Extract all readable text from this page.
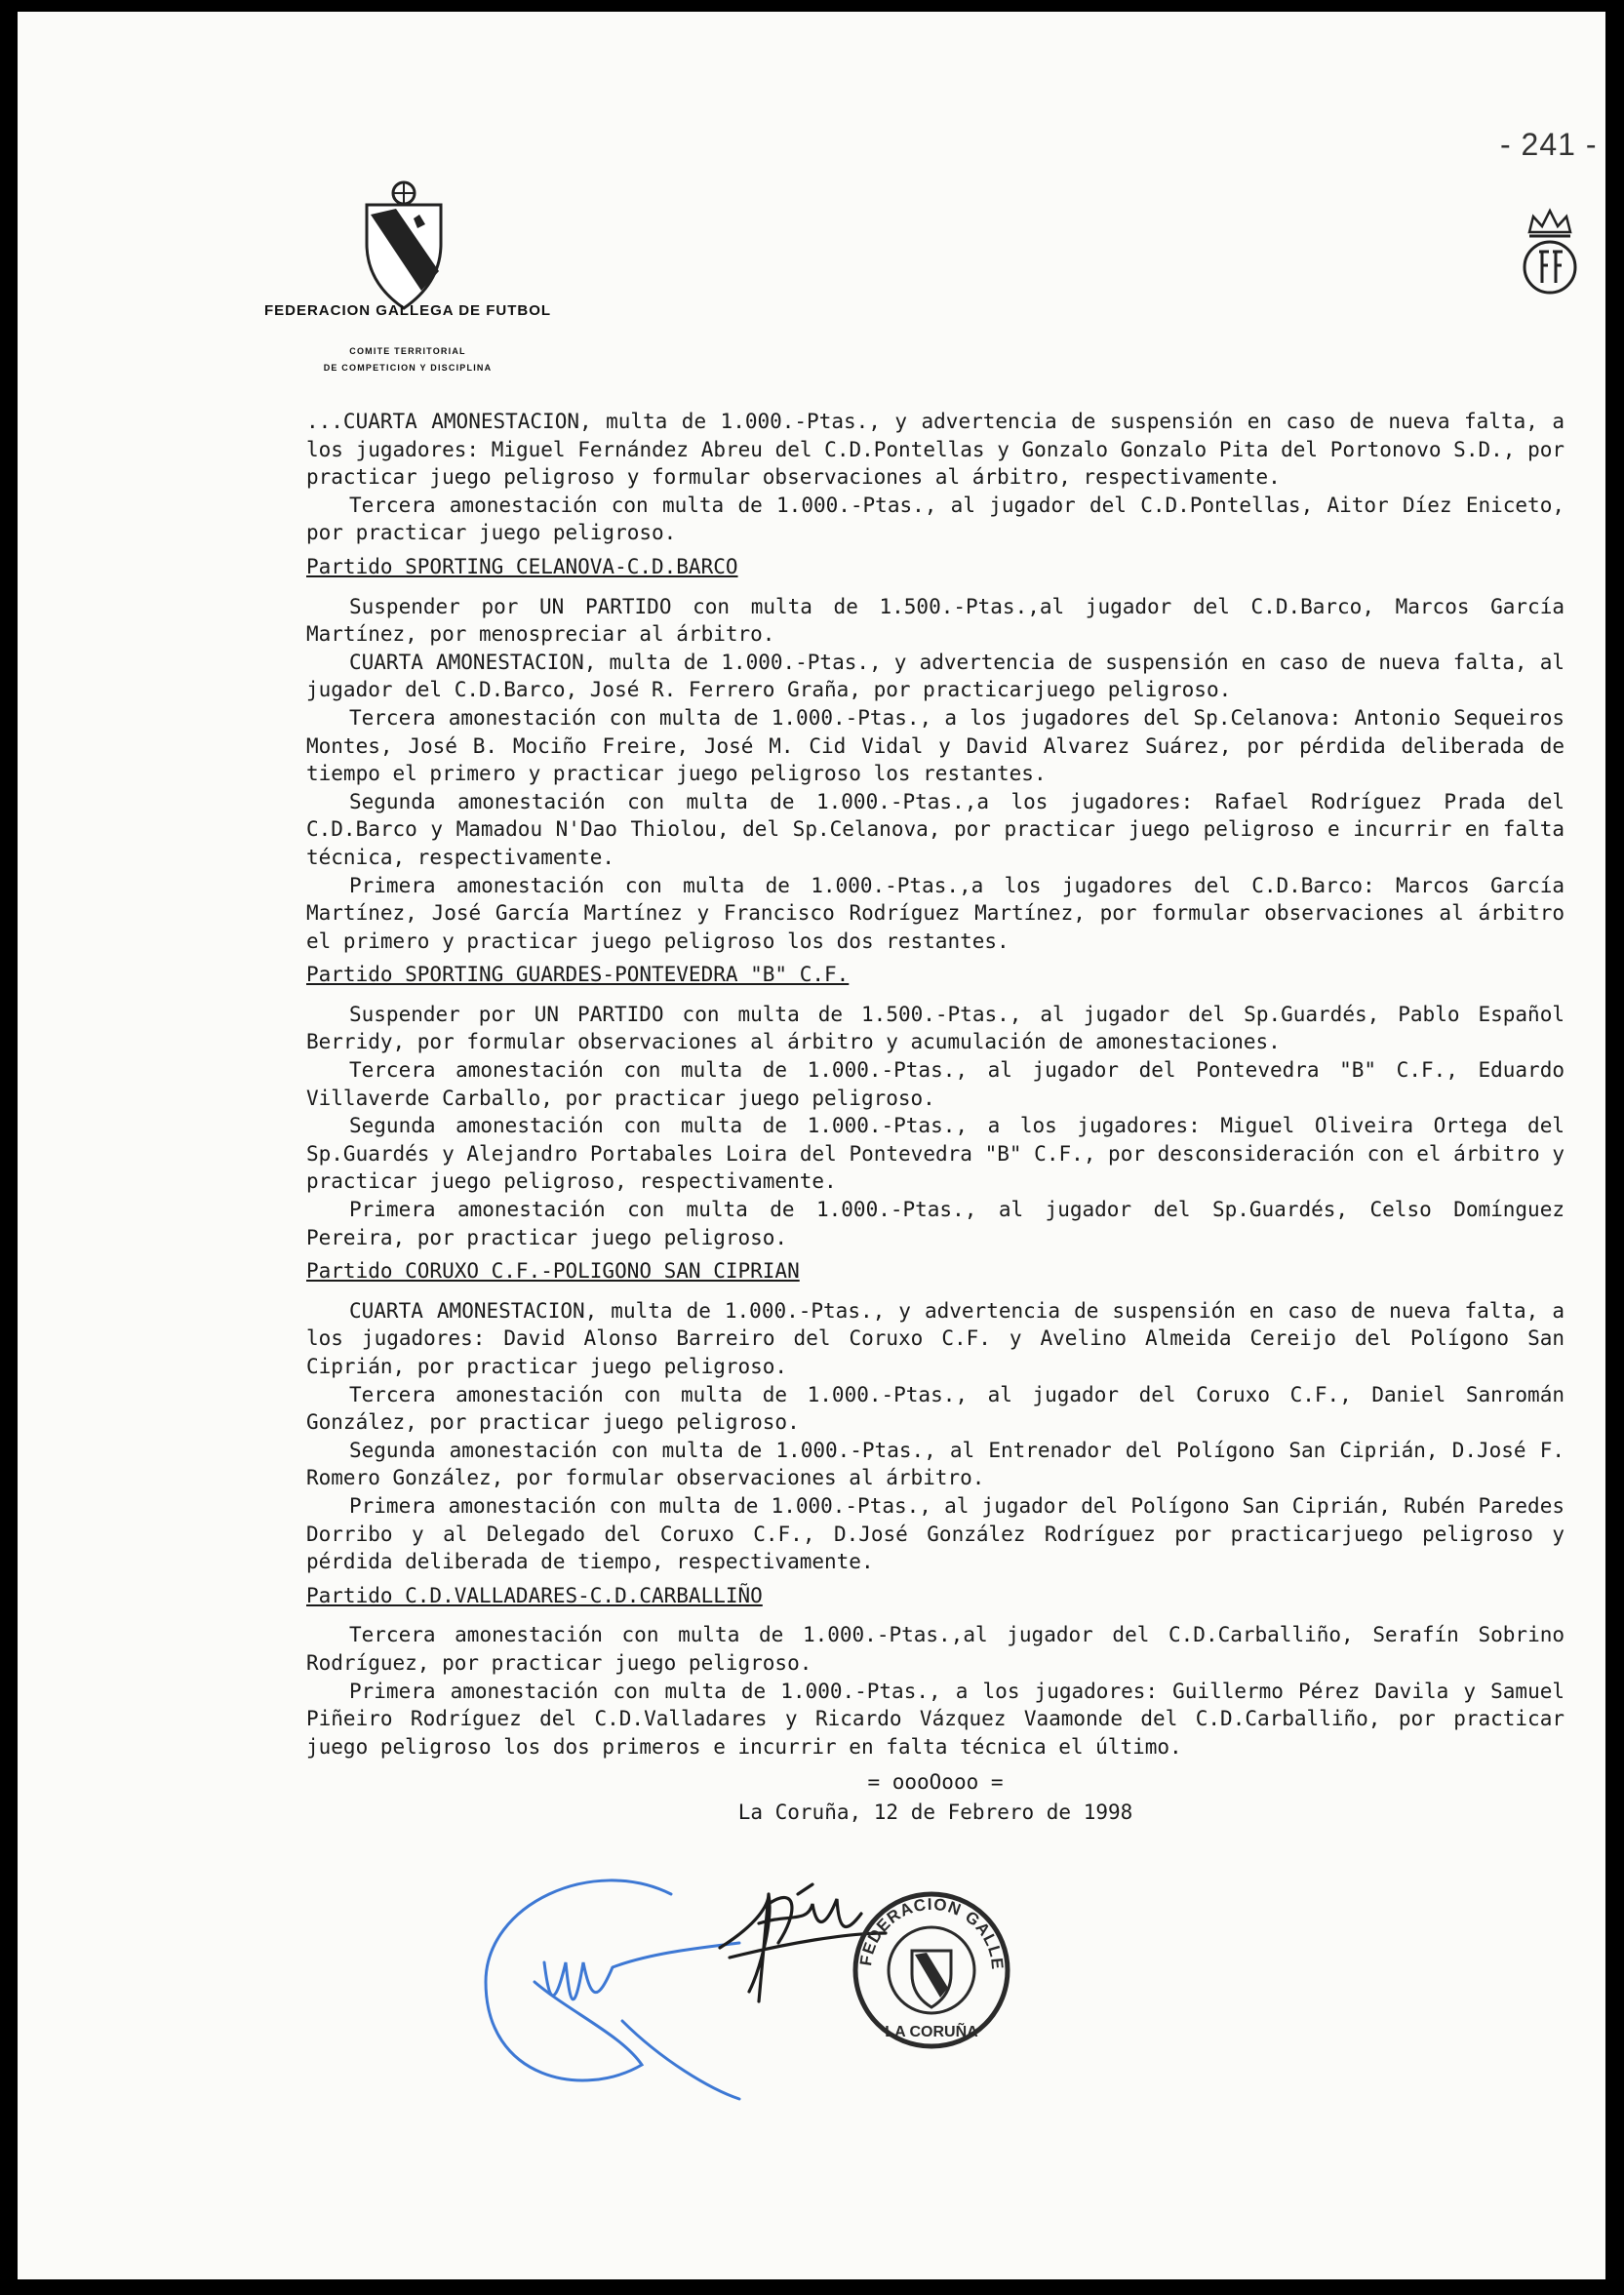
- 241 -
FEDERACION GALLEGA DE FUTBOL
COMITE TERRITORIAL
DE COMPETICION Y DISCIPLINA

...CUARTA AMONESTACION, multa de 1.000.-Ptas., y advertencia de suspensión en caso de nueva falta, a los jugadores: Miguel Fernández Abreu del C.D.Pontellas y Gonzalo Gonzalo Pita del Portonovo S.D., por practicar juego peligroso y formular observaciones al árbitro, respectivamente.

Tercera amonestación con multa de 1.000.-Ptas., al jugador del C.D.Pontellas, Aitor Díez Eniceto, por practicar juego peligroso.

Partido SPORTING CELANOVA-C.D.BARCO

Suspender por UN PARTIDO con multa de 1.500.-Ptas.,al jugador del C.D.Barco, Marcos García Martínez, por menospreciar al árbitro.

CUARTA AMONESTACION, multa de 1.000.-Ptas., y advertencia de suspensión en caso de nueva falta, al jugador del C.D.Barco, José R. Ferrero Graña, por practicarjuego peligroso.

Tercera amonestación con multa de 1.000.-Ptas., a los jugadores del Sp.Celanova: Antonio Sequeiros Montes, José B. Mociño Freire, José M. Cid Vidal y David Alvarez Suárez, por pérdida deliberada de tiempo el primero y practicar juego peligroso los restantes.

Segunda amonestación con multa de 1.000.-Ptas.,a los jugadores: Rafael Rodríguez Prada del C.D.Barco y Mamadou N'Dao Thiolou, del Sp.Celanova, por practicar juego peligroso e incurrir en falta técnica, respectivamente.

Primera amonestación con multa de 1.000.-Ptas.,a los jugadores del C.D.Barco: Marcos García Martínez, José García Martínez y Francisco Rodríguez Martínez, por formular observaciones al árbitro el primero y practicar juego peligroso los dos restantes.

Partido SPORTING GUARDES-PONTEVEDRA "B" C.F.

Suspender por UN PARTIDO con multa de 1.500.-Ptas., al jugador del Sp.Guardés, Pablo Español Berridy, por formular observaciones al árbitro y acumulación de amonestaciones.

Tercera amonestación con multa de 1.000.-Ptas., al jugador del Pontevedra "B" C.F., Eduardo Villaverde Carballo, por practicar juego peligroso.

Segunda amonestación con multa de 1.000.-Ptas., a los jugadores: Miguel Oliveira Ortega del Sp.Guardés y Alejandro Portabales Loira del Pontevedra "B" C.F., por desconsideración con el árbitro y practicar juego peligroso, respectivamente.

Primera amonestación con multa de 1.000.-Ptas., al jugador del Sp.Guardés, Celso Domínguez Pereira, por practicar juego peligroso.

Partido CORUXO C.F.-POLIGONO SAN CIPRIAN

CUARTA AMONESTACION, multa de 1.000.-Ptas., y advertencia de suspensión en caso de nueva falta, a los jugadores: David Alonso Barreiro del Coruxo C.F. y Avelino Almeida Cereijo del Polígono San Ciprián, por practicar juego peligroso.

Tercera amonestación con multa de 1.000.-Ptas., al jugador del Coruxo C.F., Daniel Sanromán González, por practicar juego peligroso.

Segunda amonestación con multa de 1.000.-Ptas., al Entrenador del Polígono San Ciprián, D.José F. Romero González, por formular observaciones al árbitro.

Primera amonestación con multa de 1.000.-Ptas., al jugador del Polígono San Ciprián, Rubén Paredes Dorribo y al Delegado del Coruxo C.F., D.José González Rodríguez por practicarjuego peligroso y pérdida deliberada de tiempo, respectivamente.

Partido C.D.VALLADARES-C.D.CARBALLIÑO

Tercera amonestación con multa de 1.000.-Ptas.,al jugador del C.D.Carballiño, Serafín Sobrino Rodríguez, por practicar juego peligroso.

Primera amonestación con multa de 1.000.-Ptas., a los jugadores: Guillermo Pérez Davila y Samuel Piñeiro Rodríguez del C.D.Valladares y Ricardo Vázquez Vaamonde del C.D.Carballiño, por practicar juego peligroso los dos primeros e incurrir en falta técnica el último.

= oooOooo =
La Coruña, 12 de Febrero de 1998
FEDERACION GALLE
LA CORUÑA
